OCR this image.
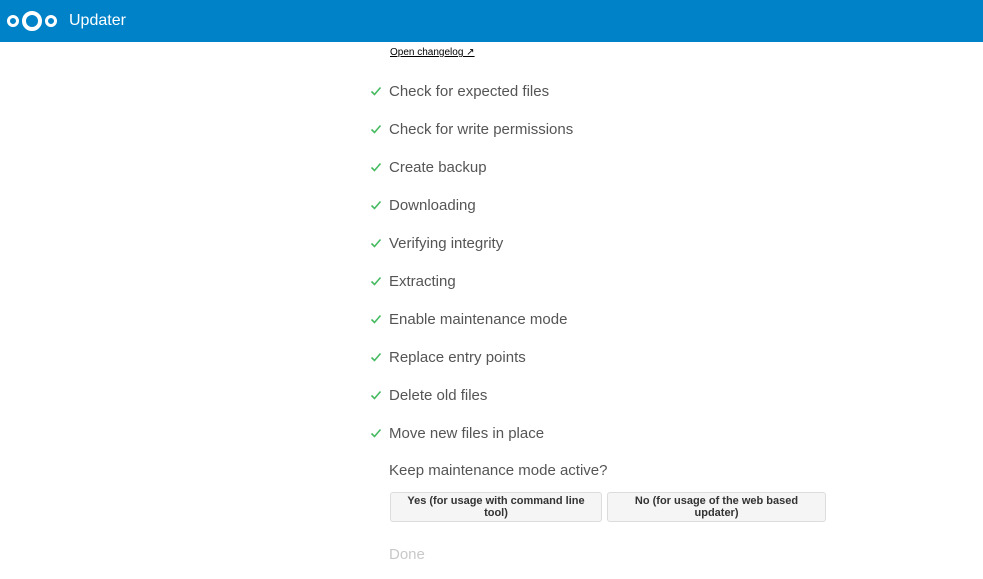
Updater
Open changelog ↗
Check for expected files
Check for write permissions
Create backup
Downloading
Verifying integrity
Extracting
Enable maintenance mode
Replace entry points
Delete old files
Move new files in place
Keep maintenance mode active?
Yes (for usage with command line tool)
No (for usage of the web based updater)
Done
